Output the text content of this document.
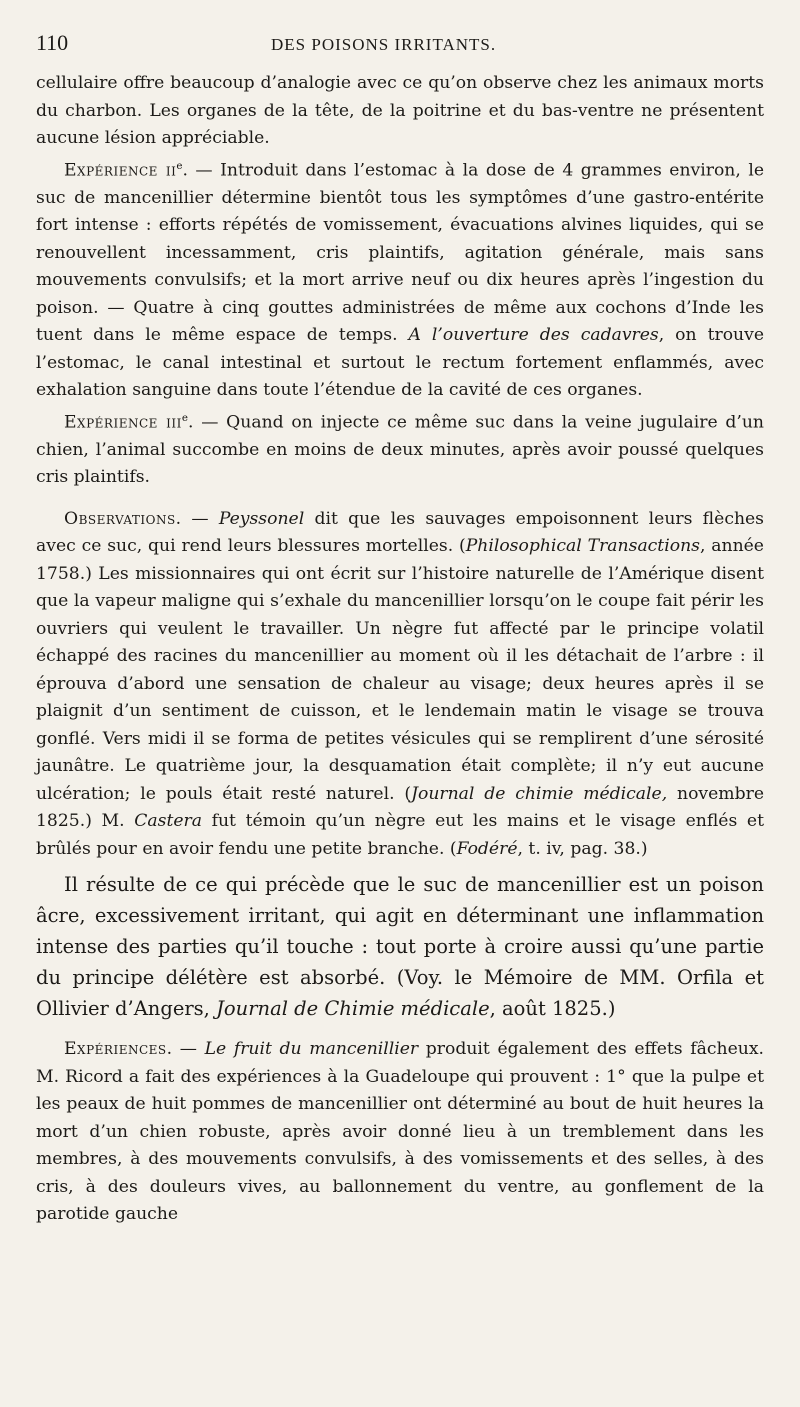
110	DES POISONS IRRITANTS.

cellulaire offre beaucoup d’analogie avec ce qu’on observe chez les animaux morts du charbon. Les organes de la tête, de la poitrine et du bas-ventre ne présentent aucune lésion appréciable.

Expérience $ii^e$. — Introduit dans l’estomac à la dose de 4 grammes environ, le suc de mancenillier détermine bientôt tous les symptômes d’une gastro-entérite fort intense : efforts répétés de vomissement, évacuations alvines liquides, qui se renouvellent incessamment, cris plaintifs, agitation générale, mais sans mouvements convulsifs; et la mort arrive neuf ou dix heures après l’ingestion du poison. — Quatre à cinq gouttes administrées de même aux cochons d’Inde les tuent dans le même espace de temps. A l’ouverture des cadavres, on trouve l’estomac, le canal intestinal et surtout le rectum fortement enflammés, avec exhalation sanguine dans toute l’étendue de la cavité de ces organes.

Expérience iii$^e$. — Quand on injecte ce même suc dans la veine jugulaire d’un chien, l’animal succombe en moins de deux minutes, après avoir poussé quelques cris plaintifs.

Observations. — Peyssonel dit que les sauvages empoisonnent leurs flèches avec ce suc, qui rend leurs blessures mortelles. (Philosophical Transactions, année 1758.) Les missionnaires qui ont écrit sur l’histoire naturelle de l’Amérique disent que la vapeur maligne qui s’exhale du mancenillier lorsqu’on le coupe fait périr les ouvriers qui veulent le travailler. Un nègre fut affecté par le principe volatil échappé des racines du mancenillier au moment où il les détachait de l’arbre : il éprouva d’abord une sensation de chaleur au visage; deux heures après il se plaignit d’un sentiment de cuisson, et le lendemain matin le visage se trouva gonflé. Vers midi il se forma de petites vésicules qui se remplirent d’une sérosité jaunâtre. Le quatrième jour, la desquamation était complète; il n’y eut aucune ulcération; le pouls était resté naturel. (Journal de chimie médicale, novembre 1825.) M. Castera fut témoin qu’un nègre eut les mains et le visage enflés et brûlés pour en avoir fendu une petite branche. (Fodéré, t. iv, pag. 38.)

Il résulte de ce qui précède que le suc de mancenillier est un poison âcre, excessivement irritant, qui agit en déterminant une inflammation intense des parties qu’il touche : tout porte à croire aussi qu’une partie du principe délétère est absorbé. (Voy. le Mémoire de MM. Orfila et Ollivier d’Angers, Journal de Chimie médicale, août 1825.)

Expériences. — Le fruit du mancenillier produit également des effets fâcheux. M. Ricord a fait des expériences à la Guadeloupe qui prouvent : 1° que la pulpe et les peaux de huit pommes de mancenillier ont déterminé au bout de huit heures la mort d’un chien robuste, après avoir donné lieu à un tremblement dans les membres, à des mouvements convulsifs, à des vomissements et des selles, à des cris, à des douleurs vives, au ballonnement du ventre, au gonflement de la parotide gauche
